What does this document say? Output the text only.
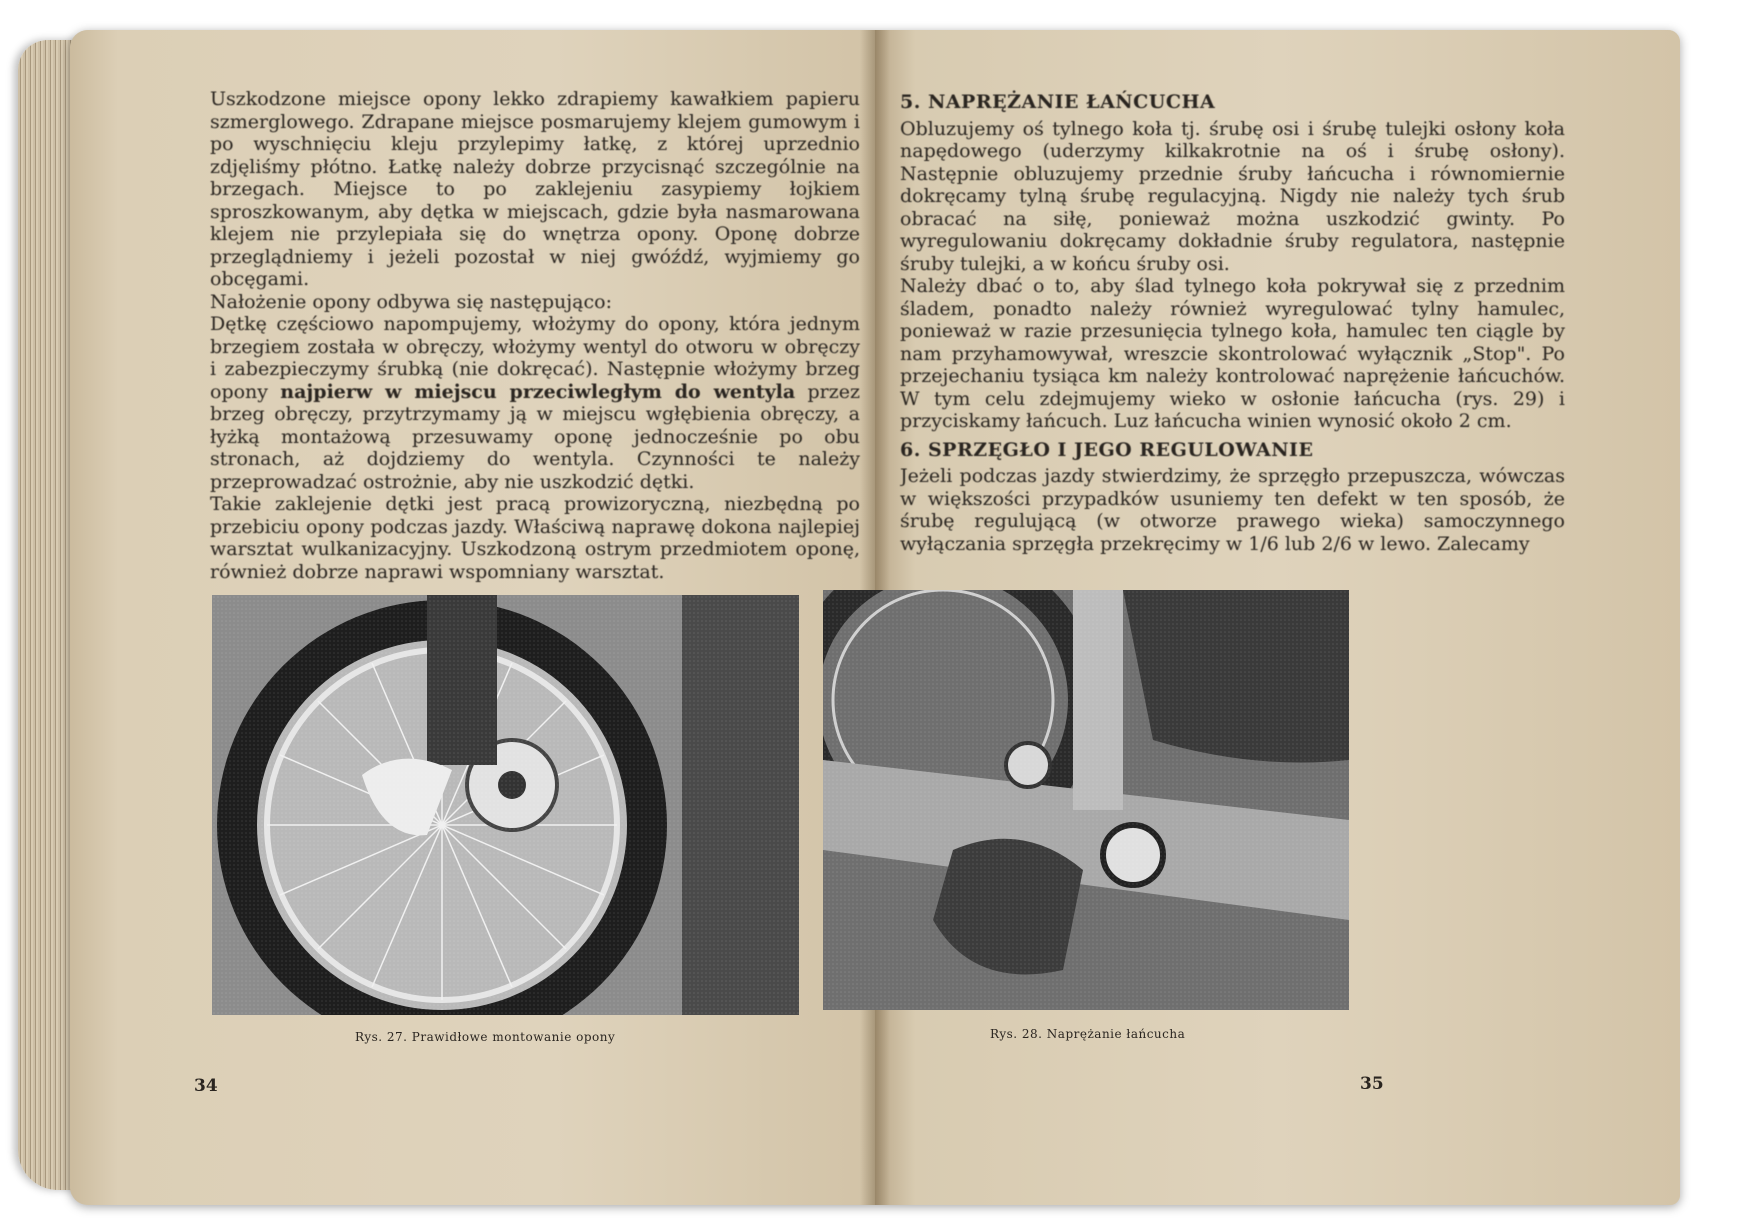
Uszkodzone miejsce opony lekko zdrapiemy kawałkiem papieru szmerglowego. Zdrapane miejsce posmarujemy klejem gumowym i po wyschnięciu kleju przylepimy łatkę, z której uprzednio zdjęliśmy płótno. Łatkę należy dobrze przycisnąć szczególnie na brzegach. Miejsce to po zaklejeniu zasypiemy łojkiem sproszkowanym, aby dętka w miejscach, gdzie była nasmarowana klejem nie przylepiała się do wnętrza opony. Oponę dobrze przeglądniemy i jeżeli pozostał w niej gwóźdź, wyjmiemy go obcęgami.

Nałożenie opony odbywa się następująco:

Dętkę częściowo napompujemy, włożymy do opony, która jednym brzegiem została w obręczy, włożymy wentyl do otworu w obręczy i zabezpieczymy śrubką (nie dokręcać). Następnie włożymy brzeg opony najpierw w miejscu przeciwległym do wentyla przez brzeg obręczy, przytrzymamy ją w miejscu wgłębienia obręczy, a łyżką montażową przesuwamy oponę jednocześnie po obu stronach, aż dojdziemy do wentyla. Czynności te należy przeprowadzać ostrożnie, aby nie uszkodzić dętki.

Takie zaklejenie dętki jest pracą prowizoryczną, niezbędną po przebiciu opony podczas jazdy. Właściwą naprawę dokona najlepiej warsztat wulkanizacyjny. Uszkodzoną ostrym przedmiotem oponę, również dobrze naprawi wspomniany warsztat.

Rys. 27. Prawidłowe montowanie opony
34

5. NAPRĘŻANIE ŁAŃCUCHA

Obluzujemy oś tylnego koła tj. śrubę osi i śrubę tulejki osłony koła napędowego (uderzymy kilkakrotnie na oś i śrubę osłony). Następnie obluzujemy przednie śruby łańcucha i równomiernie dokręcamy tylną śrubę regulacyjną. Nigdy nie należy tych śrub obracać na siłę, ponieważ można uszkodzić gwinty. Po wyregulowaniu dokręcamy dokładnie śruby regulatora, następnie śruby tulejki, a w końcu śruby osi.

Należy dbać o to, aby ślad tylnego koła pokrywał się z przednim śladem, ponadto należy również wyregulować tylny hamulec, ponieważ w razie przesunięcia tylnego koła, hamulec ten ciągle by nam przyhamowywał, wreszcie skontrolować wyłącznik „Stop". Po przejechaniu tysiąca km należy kontrolować naprężenie łańcuchów. W tym celu zdejmujemy wieko w osłonie łańcucha (rys. 29) i przyciskamy łańcuch. Luz łańcucha winien wynosić około 2 cm.

6. SPRZĘGŁO I JEGO REGULOWANIE

Jeżeli podczas jazdy stwierdzimy, że sprzęgło przepuszcza, wówczas w większości przypadków usuniemy ten defekt w ten sposób, że śrubę regulującą (w otworze prawego wieka) samoczynnego wyłączania sprzęgła przekręcimy w 1/6 lub 2/6 w lewo. Zalecamy

Rys. 28. Naprężanie łańcucha
35
